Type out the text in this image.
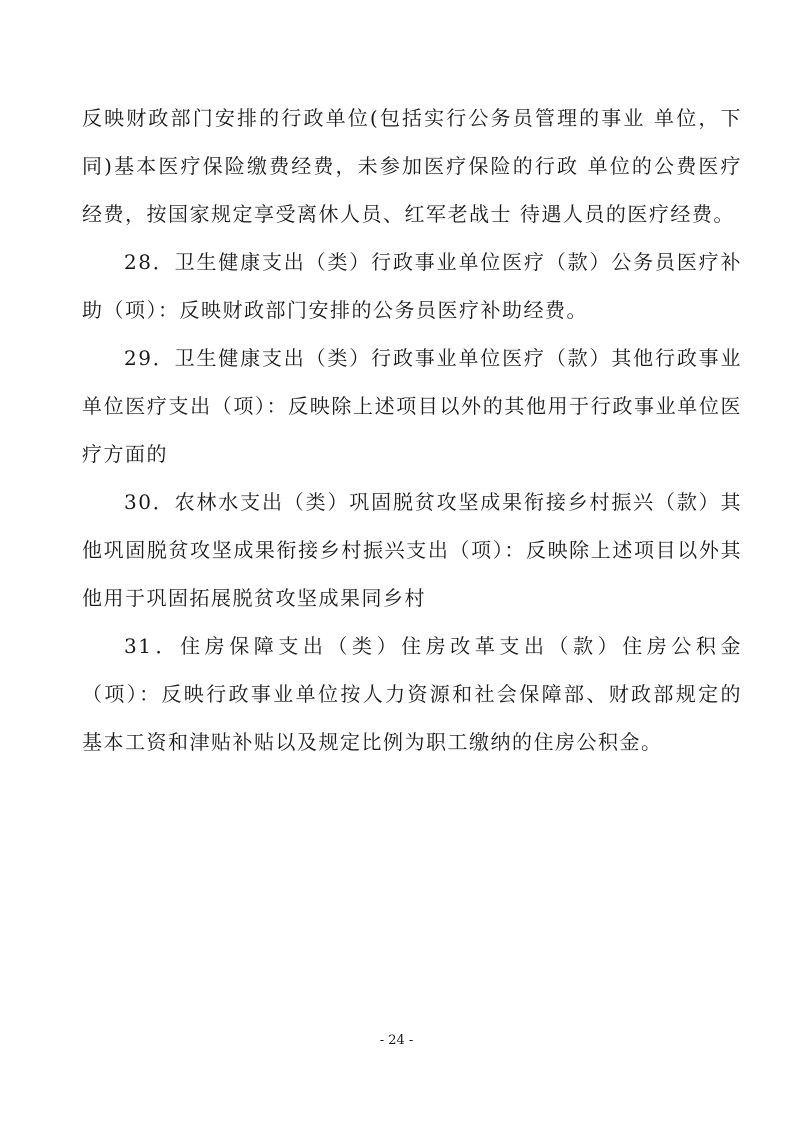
反映财政部门安排的行政单位(包括实行公务员管理的事业 单位，下同)基本医疗保险缴费经费，未参加医疗保险的行政 单位的公费医疗经费，按国家规定享受离休人员、红军老战士 待遇人员的医疗经费。

28．卫生健康支出（类）行政事业单位医疗（款）公务员医疗补助（项）：反映财政部门安排的公务员医疗补助经费。

29．卫生健康支出（类）行政事业单位医疗（款）其他行政事业单位医疗支出（项）：反映除上述项目以外的其他用于行政事业单位医疗方面的

30．农林水支出（类）巩固脱贫攻坚成果衔接乡村振兴（款）其他巩固脱贫攻坚成果衔接乡村振兴支出（项）：反映除上述项目以外其他用于巩固拓展脱贫攻坚成果同乡村

31．住房保障支出（类）住房改革支出（款）住房公积金（项）：反映行政事业单位按人力资源和社会保障部、财政部规定的 基本工资和津贴补贴以及规定比例为职工缴纳的住房公积金。

- 24 -
